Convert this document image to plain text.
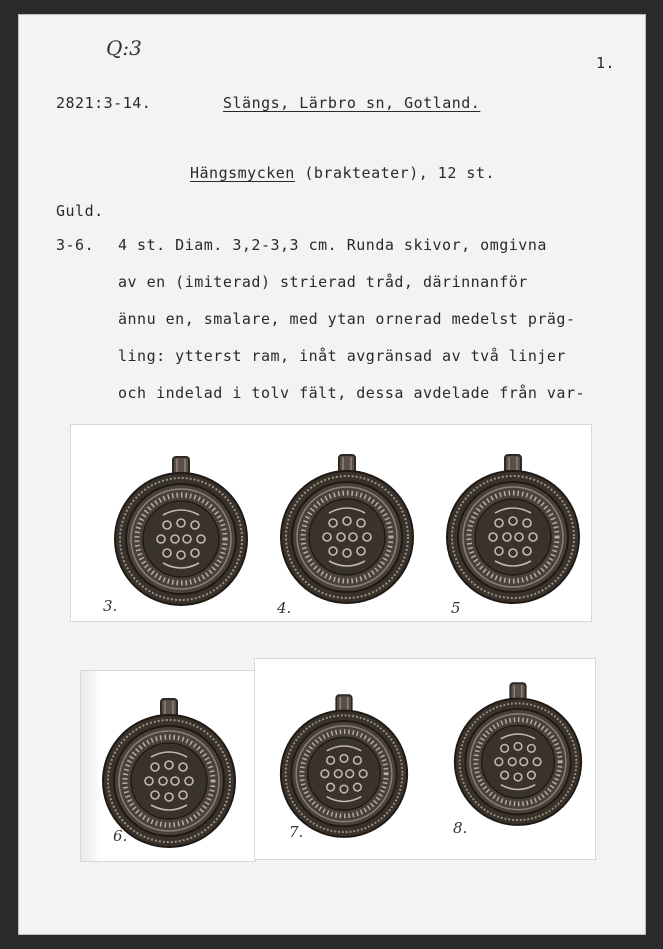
Q:3
1.
2821:3-14.	Slängs, Lärbro sn, Gotland.
Hängsmycken (brakteater), 12 st.
Guld.
3-6. 4 st. Diam. 3,2-3,3 cm. Runda skivor, omgivna
av en (imiterad) strierad tråd, därinnanför
ännu en, smalare, med ytan ornerad medelst präg-
ling: ytterst ram, inåt avgränsad av två linjer
och indelad i tolv fält, dessa avdelade från var-
3.	4.	5
6.	7.	8.
